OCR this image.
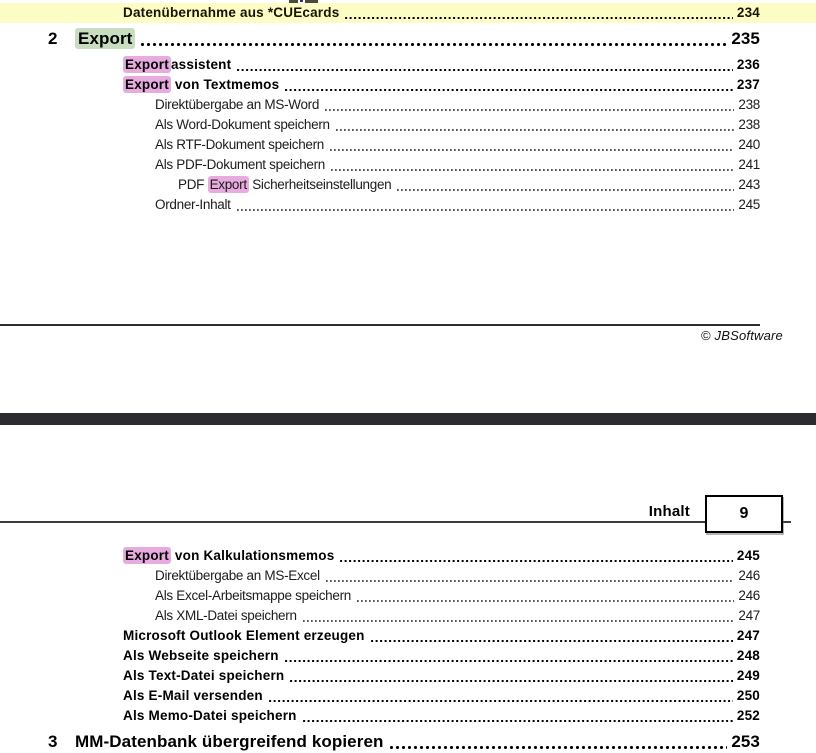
Datenübernahme aus *CUEcards	234
2 Export	235
Export assistent	236
Export von Textmemos	237
Direktübergabe an MS-Word	238
Als Word-Dokument speichern	238
Als RTF-Dokument speichern	240
Als PDF-Dokument speichern	241
PDF Export Sicherheitseinstellungen	243
Ordner-Inhalt	245
© JBSoftware
Inhalt	9
Export von Kalkulationsmemos	245
Direktübergabe an MS-Excel	246
Als Excel-Arbeitsmappe speichern	246
Als XML-Datei speichern	247
Microsoft Outlook Element erzeugen	247
Als Webseite speichern	248
Als Text-Datei speichern	249
Als E-Mail versenden	250
Als Memo-Datei speichern	252
3 MM-Datenbank übergreifend kopieren	253
